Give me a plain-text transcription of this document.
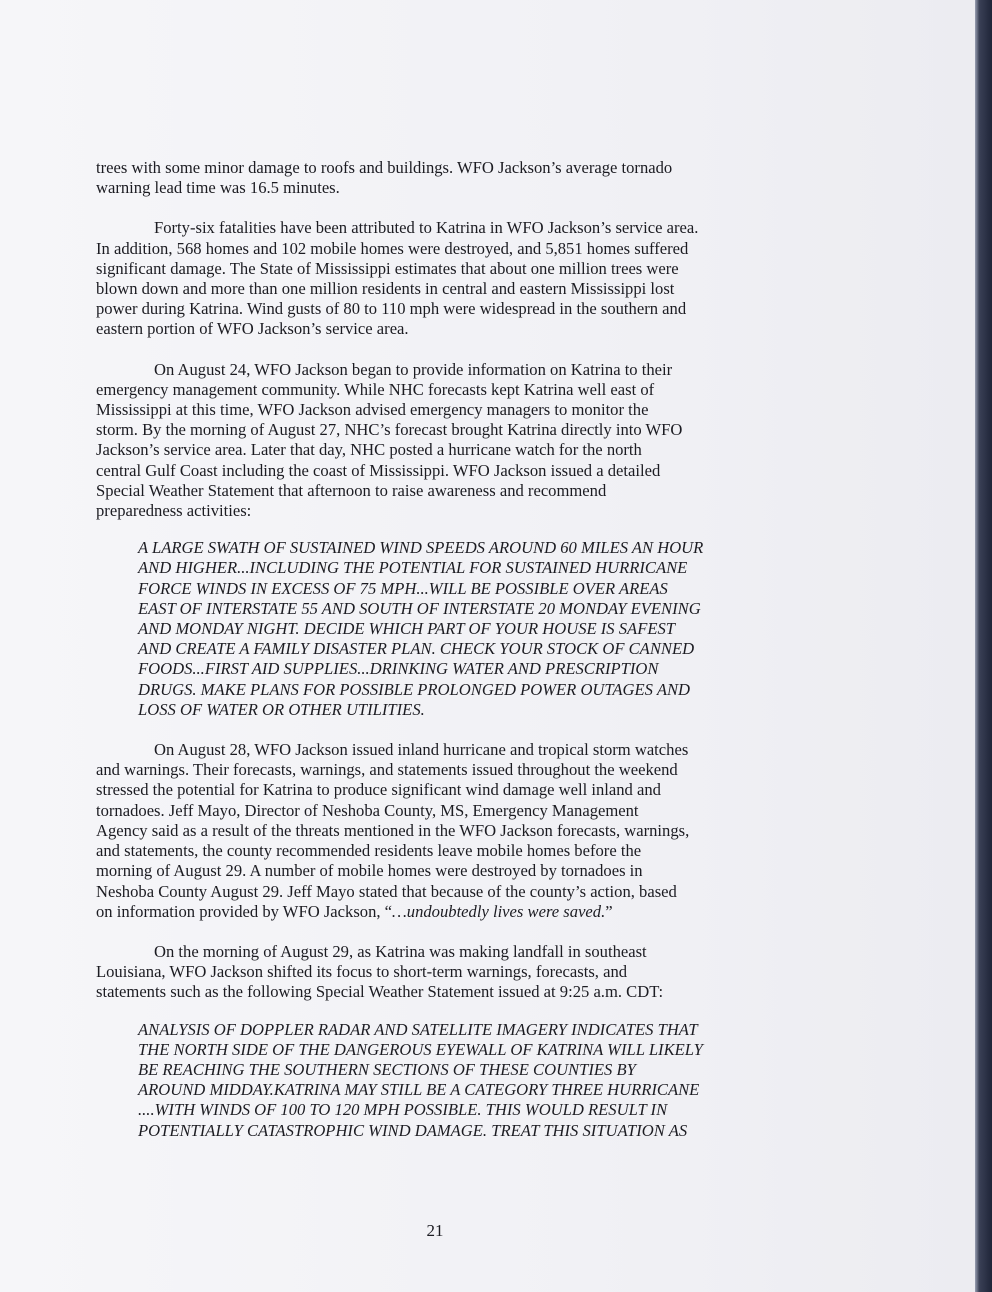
trees with some minor damage to roofs and buildings. WFO Jackson’s average tornado
warning lead time was 16.5 minutes.

Forty-six fatalities have been attributed to Katrina in WFO Jackson’s service area.
In addition, 568 homes and 102 mobile homes were destroyed, and 5,851 homes suffered
significant damage. The State of Mississippi estimates that about one million trees were
blown down and more than one million residents in central and eastern Mississippi lost
power during Katrina. Wind gusts of 80 to 110 mph were widespread in the southern and
eastern portion of WFO Jackson’s service area.

On August 24, WFO Jackson began to provide information on Katrina to their
emergency management community. While NHC forecasts kept Katrina well east of
Mississippi at this time, WFO Jackson advised emergency managers to monitor the
storm. By the morning of August 27, NHC’s forecast brought Katrina directly into WFO
Jackson’s service area. Later that day, NHC posted a hurricane watch for the north
central Gulf Coast including the coast of Mississippi. WFO Jackson issued a detailed
Special Weather Statement that afternoon to raise awareness and recommend
preparedness activities:

A LARGE SWATH OF SUSTAINED WIND SPEEDS AROUND 60 MILES AN HOUR
AND HIGHER...INCLUDING THE POTENTIAL FOR SUSTAINED HURRICANE
FORCE WINDS IN EXCESS OF 75 MPH...WILL BE POSSIBLE OVER AREAS
EAST OF INTERSTATE 55 AND SOUTH OF INTERSTATE 20 MONDAY EVENING
AND MONDAY NIGHT. DECIDE WHICH PART OF YOUR HOUSE IS SAFEST
AND CREATE A FAMILY DISASTER PLAN. CHECK YOUR STOCK OF CANNED
FOODS...FIRST AID SUPPLIES...DRINKING WATER AND PRESCRIPTION
DRUGS. MAKE PLANS FOR POSSIBLE PROLONGED POWER OUTAGES AND
LOSS OF WATER OR OTHER UTILITIES.

On August 28, WFO Jackson issued inland hurricane and tropical storm watches
and warnings. Their forecasts, warnings, and statements issued throughout the weekend
stressed the potential for Katrina to produce significant wind damage well inland and
tornadoes. Jeff Mayo, Director of Neshoba County, MS, Emergency Management
Agency said as a result of the threats mentioned in the WFO Jackson forecasts, warnings,
and statements, the county recommended residents leave mobile homes before the
morning of August 29. A number of mobile homes were destroyed by tornadoes in
Neshoba County August 29. Jeff Mayo stated that because of the county’s action, based
on information provided by WFO Jackson, “…undoubtedly lives were saved.”

On the morning of August 29, as Katrina was making landfall in southeast
Louisiana, WFO Jackson shifted its focus to short-term warnings, forecasts, and
statements such as the following Special Weather Statement issued at 9:25 a.m. CDT:

ANALYSIS OF DOPPLER RADAR AND SATELLITE IMAGERY INDICATES THAT
THE NORTH SIDE OF THE DANGEROUS EYEWALL OF KATRINA WILL LIKELY
BE REACHING THE SOUTHERN SECTIONS OF THESE COUNTIES BY
AROUND MIDDAY.KATRINA MAY STILL BE A CATEGORY THREE HURRICANE
....WITH WINDS OF 100 TO 120 MPH POSSIBLE. THIS WOULD RESULT IN
POTENTIALLY CATASTROPHIC WIND DAMAGE. TREAT THIS SITUATION AS

21
